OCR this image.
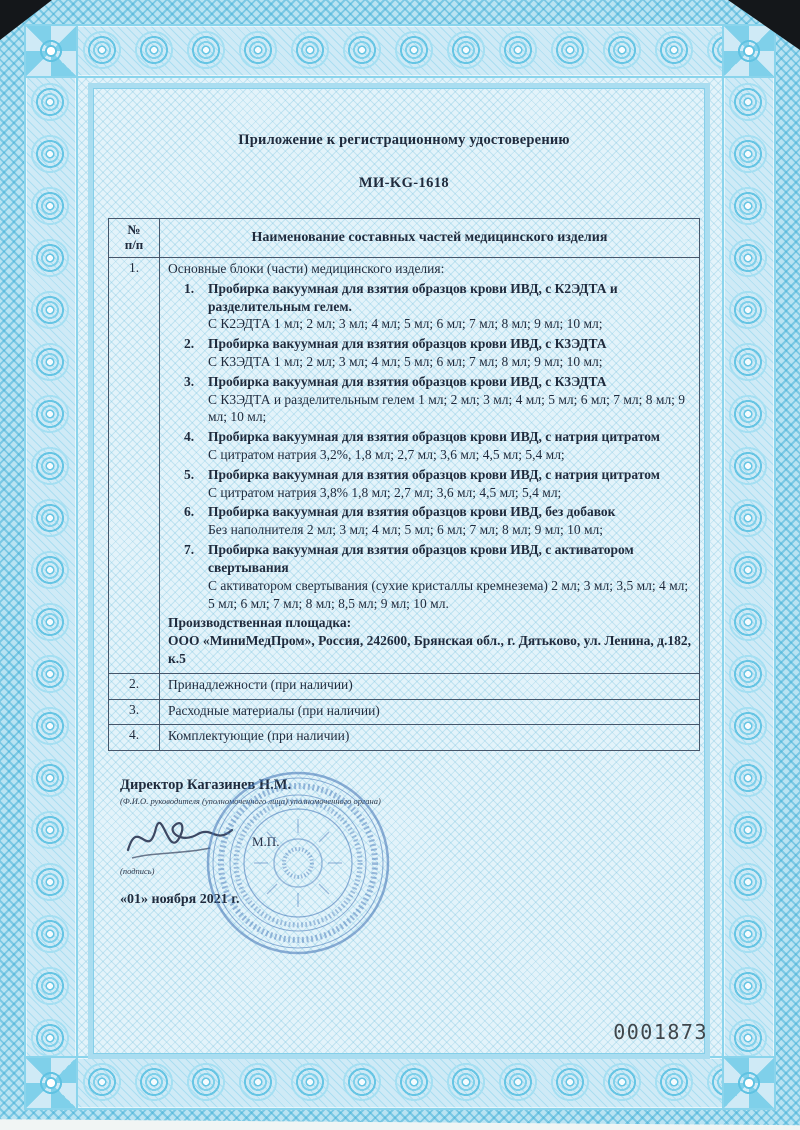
Приложение к регистрационному удостоверению
МИ-KG-1618
№
п/п	Наименование составных частей медицинского изделия
1.	Основные блоки (части) медицинского изделия:
1. Пробирка вакуумная для взятия образцов крови ИВД, с К2ЭДТА и разделительным гелем.
С К2ЭДТА 1 мл; 2 мл; 3 мл; 4 мл; 5 мл; 6 мл; 7 мл; 8 мл; 9 мл; 10 мл;
2. Пробирка вакуумная для взятия образцов крови ИВД, с К3ЭДТА
С К3ЭДТА 1 мл; 2 мл; 3 мл; 4 мл; 5 мл; 6 мл; 7 мл; 8 мл; 9 мл; 10 мл;
3. Пробирка вакуумная для взятия образцов крови ИВД, с К3ЭДТА
С К3ЭДТА и разделительным гелем 1 мл; 2 мл; 3 мл; 4 мл; 5 мл; 6 мл; 7 мл; 8 мл; 9 мл; 10 мл;
4. Пробирка вакуумная для взятия образцов крови ИВД, с натрия цитратом
С цитратом натрия 3,2%, 1,8 мл; 2,7 мл; 3,6 мл; 4,5 мл; 5,4 мл;
5. Пробирка вакуумная для взятия образцов крови ИВД, с натрия цитратом
С цитратом натрия 3,8% 1,8 мл; 2,7 мл; 3,6 мл; 4,5 мл; 5,4 мл;
6. Пробирка вакуумная для взятия образцов крови ИВД, без добавок
Без наполнителя 2 мл; 3 мл; 4 мл; 5 мл; 6 мл; 7 мл; 8 мл; 9 мл; 10 мл;
7. Пробирка вакуумная для взятия образцов крови ИВД, с активатором свертывания
С активатором свертывания (сухие кристаллы кремнезема) 2 мл; 3 мл; 3,5 мл; 4 мл; 5 мл; 6 мл; 7 мл; 8 мл; 8,5 мл; 9 мл; 10 мл.
Производственная площадка:
ООО «МиниМедПром», Россия, 242600, Брянская обл., г. Дятьково, ул. Ленина, д.182, к.5

2.	Принадлежности (при наличии)
3.	Расходные материалы (при наличии)
4.	Комплектующие (при наличии)
Директор Кагазинев Н.М.
(Ф.И.О. руководителя (уполномоченного лица) уполномоченного органа)
М.П.
(подпись)
«01» ноября 2021 г.
0001873
